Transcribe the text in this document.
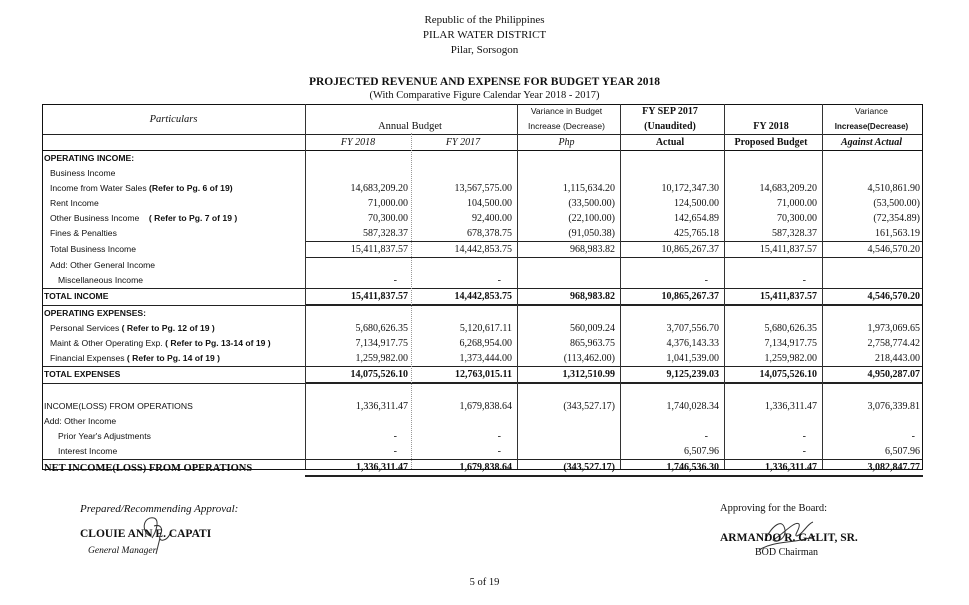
Republic of the Philippines
PILAR WATER DISTRICT
Pilar, Sorsogon
PROJECTED REVENUE AND EXPENSE FOR BUDGET YEAR 2018
(With Comparative Figure Calendar Year 2018 - 2017)
Particulars	Annual Budget		Variance in Budget	FY SEP 2017		Variance
			Increase (Decrease)	(Unaudited)	FY 2018	Increase(Decrease)
	FY 2018	FY 2017	Php	Actual	Proposed Budget	Against Actual
OPERATING INCOME:						
Business Income						
Income from Water Sales (Refer to Pg. 6 of 19)	14,683,209.20	13,567,575.00	1,115,634.20	10,172,347.30	14,683,209.20	4,510,861.90
Rent Income	71,000.00	104,500.00	(33,500.00)	124,500.00	71,000.00	(53,500.00)
Other Business Income ( Refer to Pg. 7 of 19 )	70,300.00	92,400.00	(22,100.00)	142,654.89	70,300.00	(72,354.89)
Fines & Penalties	587,328.37	678,378.75	(91,050.38)	425,765.18	587,328.37	161,563.19
Total Business Income	15,411,837.57	14,442,853.75	968,983.82	10,865,267.37	15,411,837.57	4,546,570.20
Add: Other General Income						
Miscellaneous Income	-	-		-	-	
TOTAL INCOME	15,411,837.57	14,442,853.75	968,983.82	10,865,267.37	15,411,837.57	4,546,570.20
OPERATING EXPENSES:						
Personal Services ( Refer to Pg. 12 of 19 )	5,680,626.35	5,120,617.11	560,009.24	3,707,556.70	5,680,626.35	1,973,069.65
Maint & Other Operating Exp. ( Refer to Pg. 13-14 of 19 )	7,134,917.75	6,268,954.00	865,963.75	4,376,143.33	7,134,917.75	2,758,774.42
Financial Expenses ( Refer to Pg. 14 of 19 )	1,259,982.00	1,373,444.00	(113,462.00)	1,041,539.00	1,259,982.00	218,443.00
TOTAL EXPENSES	14,075,526.10	12,763,015.11	1,312,510.99	9,125,239.03	14,075,526.10	4,950,287.07

INCOME(LOSS) FROM OPERATIONS	1,336,311.47	1,679,838.64	(343,527.17)	1,740,028.34	1,336,311.47	3,076,339.81
Add: Other Income						
Prior Year's Adjustments	-	-		-	-	-
Interest Income	-	-		6,507.96	-	6,507.96
NET INCOME(LOSS) FROM OPERATIONS	1,336,311.47	1,679,838.64	(343,527.17)	1,746,536.30	1,336,311.47	3,082,847.77
Prepared/Recommending Approval:
CLOUIE ANN E. CAPATI
General Manager
Approving for the Board:
ARMANDO R. GALIT, SR.
BOD Chairman
5 of 19
